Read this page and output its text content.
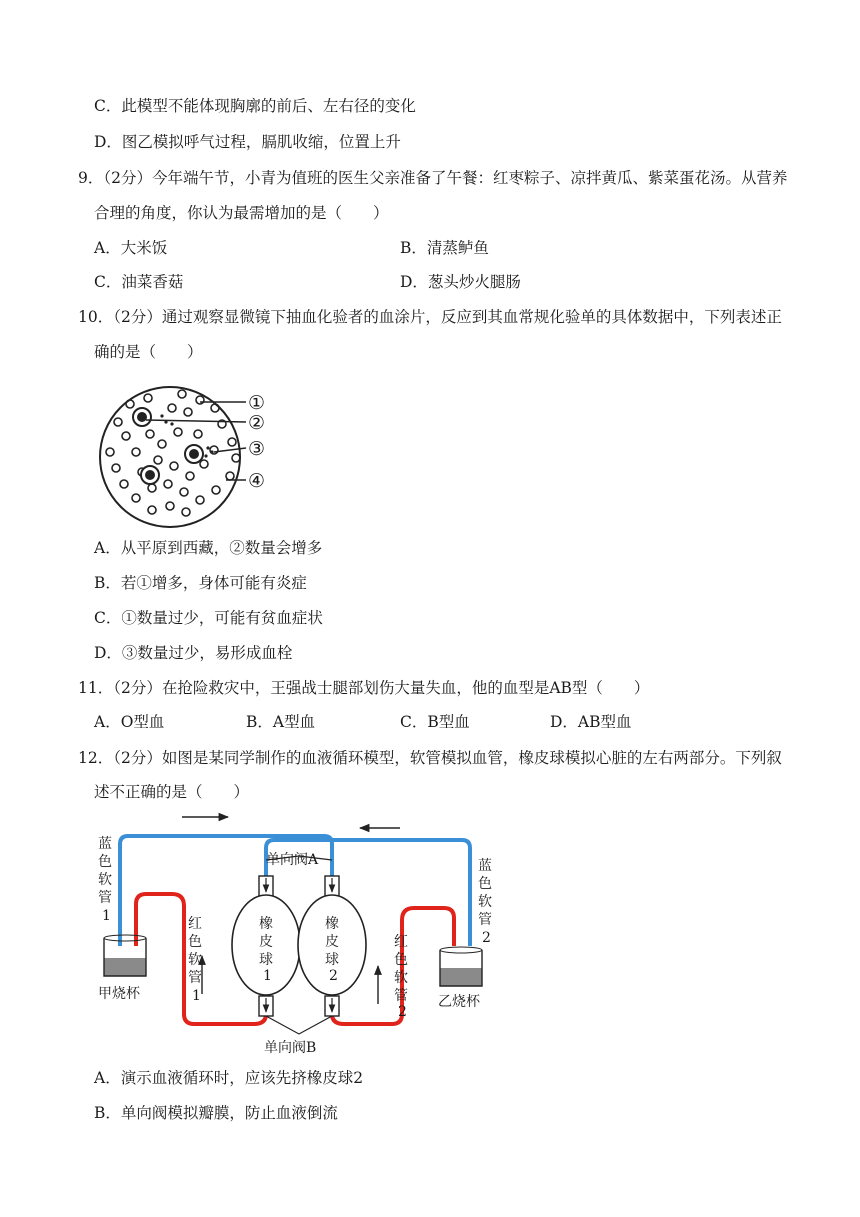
C．此模型不能体现胸廓的前后、左右径的变化
D．图乙模拟呼气过程，膈肌收缩，位置上升
9．（2分）今年端午节，小青为值班的医生父亲准备了午餐：红枣粽子、凉拌黄瓜、紫菜蛋花汤。从营养
合理的角度，你认为最需增加的是（　　）
A．大米饭	B．清蒸鲈鱼
C．油菜香菇	D．葱头炒火腿肠
10．（2分）通过观察显微镜下抽血化验者的血涂片，反应到其血常规化验单的具体数据中，下列表述正
确的是（　　）
①
②
③
④
A．从平原到西藏，②数量会增多
B．若①增多，身体可能有炎症
C．①数量过少，可能有贫血症状
D．③数量过少，易形成血栓
11．（2分）在抢险救灾中，王强战士腿部划伤大量失血，他的血型是AB型（　　）
A．O型血	B．A型血	C．B型血	D．AB型血
12．（2分）如图是某同学制作的血液循环模型，软管模拟血管，橡皮球模拟心脏的左右两部分。下列叙
述不正确的是（　　）
蓝
色
软
管
1
蓝
色
软
管
2
红
色
软
管
1
红
色
软
管
2
橡
皮
球
1
橡
皮
球
2
单向阀A
单向阀B
甲烧杯	乙烧杯
A．演示血液循环时，应该先挤橡皮球2
B．单向阀模拟瓣膜，防止血液倒流
